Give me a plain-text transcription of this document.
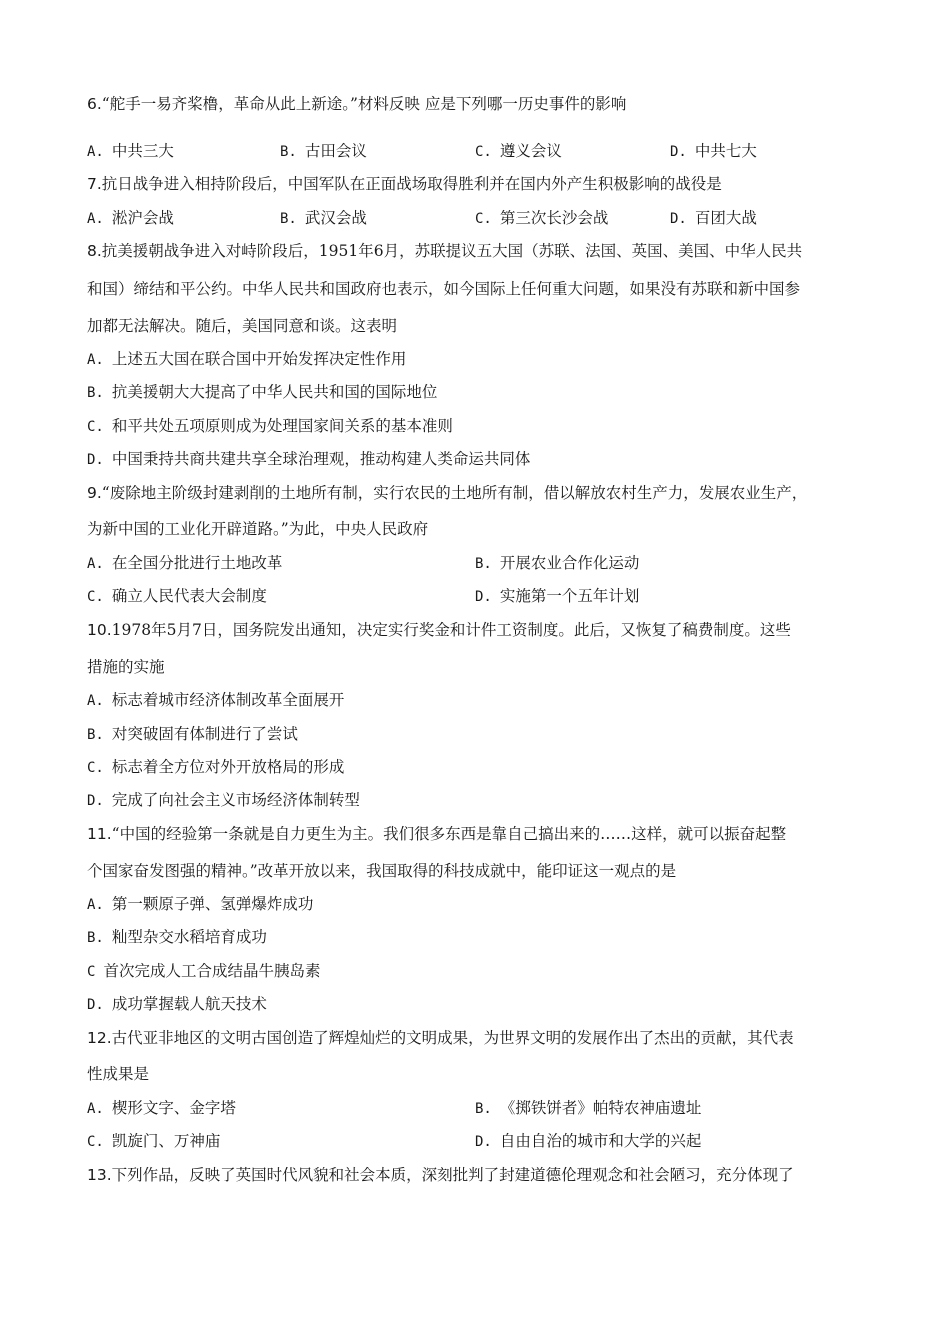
6.“舵手一易齐桨橹，革命从此上新途。”材料反映 应是下列哪一历史事件的影响
A. 中共三大	B. 古田会议	C. 遵义会议	D. 中共七大
7.抗日战争进入相持阶段后，中国军队在正面战场取得胜利并在国内外产生积极影响的战役是
A. 淞沪会战	B. 武汉会战	C. 第三次长沙会战	D. 百团大战
8.抗美援朝战争进入对峙阶段后，1951年6月，苏联提议五大国（苏联、法国、英国、美国、中华人民共
和国）缔结和平公约。中华人民共和国政府也表示，如今国际上任何重大问题，如果没有苏联和新中国参
加都无法解决。随后，美国同意和谈。这表明
A. 上述五大国在联合国中开始发挥决定性作用
B. 抗美援朝大大提高了中华人民共和国的国际地位
C. 和平共处五项原则成为处理国家间关系的基本准则
D. 中国秉持共商共建共享全球治理观，推动构建人类命运共同体
9.“废除地主阶级封建剥削的土地所有制，实行农民的土地所有制，借以解放农村生产力，发展农业生产，
为新中国的工业化开辟道路。”为此，中央人民政府
A. 在全国分批进行土地改革	B. 开展农业合作化运动
C. 确立人民代表大会制度	D. 实施第一个五年计划
10.1978年5月7日，国务院发出通知，决定实行奖金和计件工资制度。此后，又恢复了稿费制度。这些
措施的实施
A. 标志着城市经济体制改革全面展开
B. 对突破固有体制进行了尝试
C. 标志着全方位对外开放格局的形成
D. 完成了向社会主义市场经济体制转型
11.“中国的经验第一条就是自力更生为主。我们很多东西是靠自己搞出来的……这样，就可以振奋起整
个国家奋发图强的精神。”改革开放以来，我国取得的科技成就中，能印证这一观点的是
A. 第一颗原子弹、氢弹爆炸成功
B. 籼型杂交水稻培育成功
C 首次完成人工合成结晶牛胰岛素
D. 成功掌握载人航天技术
12.古代亚非地区的文明古国创造了辉煌灿烂的文明成果，为世界文明的发展作出了杰出的贡献，其代表
性成果是
A. 楔形文字、金字塔	B. 《掷铁饼者》帕特农神庙遗址
C. 凯旋门、万神庙	D. 自由自治的城市和大学的兴起
13.下列作品，反映了英国时代风貌和社会本质，深刻批判了封建道德伦理观念和社会陋习，充分体现了
